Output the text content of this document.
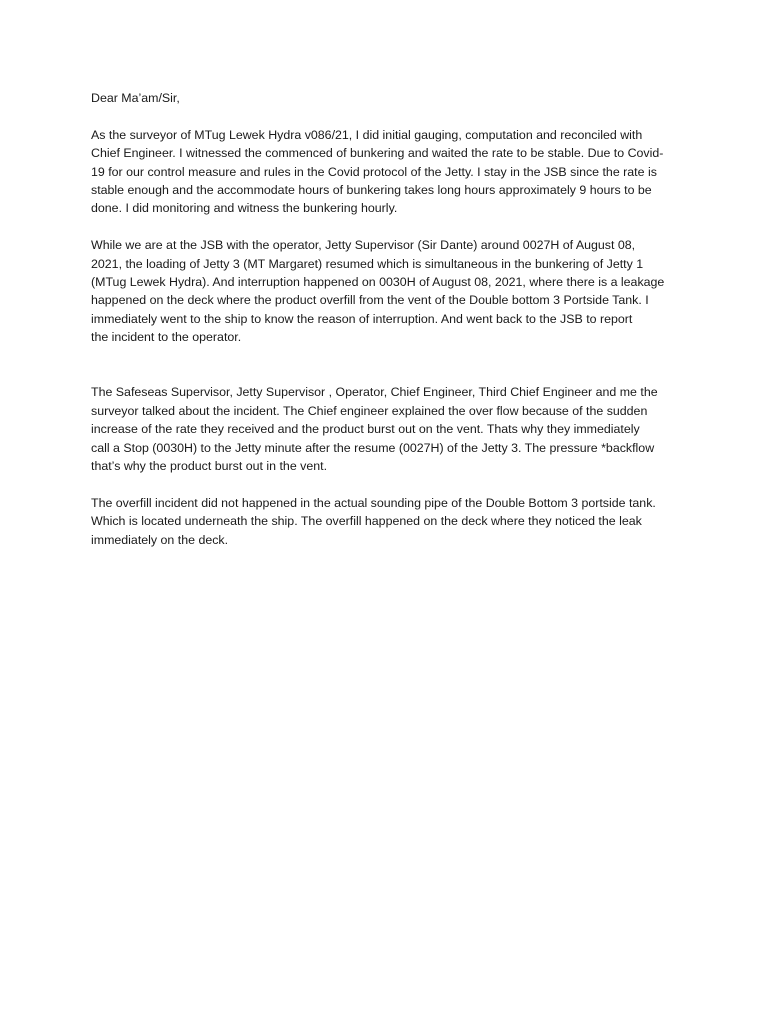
Dear Ma’am/Sir,
As the surveyor of MTug Lewek Hydra v086/21, I did initial gauging, computation and reconciled with
Chief Engineer. I witnessed the commenced of bunkering and waited the rate to be stable. Due to Covid-
19 for our control measure and rules in the Covid protocol of the Jetty. I stay in the JSB since the rate is
stable enough and the accommodate hours of bunkering takes long hours approximately 9 hours to be
done. I did monitoring and witness the bunkering hourly.
While we are at the JSB with the operator, Jetty Supervisor (Sir Dante) around 0027H of August 08,
2021, the loading of Jetty 3 (MT Margaret) resumed which is simultaneous in the bunkering of Jetty 1
(MTug Lewek Hydra). And interruption happened on 0030H of August 08, 2021, where there is a leakage
happened on the deck where the product overfill from the vent of the Double bottom 3 Portside Tank. I
immediately went to the ship to know the reason of interruption. And went back to the JSB to report
the incident to the operator.
The Safeseas Supervisor, Jetty Supervisor , Operator, Chief Engineer, Third Chief Engineer and me the
surveyor talked about the incident. The Chief engineer explained the over flow because of the sudden
increase of the rate they received and the product burst out on the vent. Thats why they immediately
call a Stop (0030H) to the Jetty minute after the resume (0027H) of the Jetty 3. The pressure *backflow
that’s why the product burst out in the vent.
The overfill incident did not happened in the actual sounding pipe of the Double Bottom 3 portside tank.
Which is located underneath the ship. The overfill happened on the deck where they noticed the leak
immediately on the deck.
